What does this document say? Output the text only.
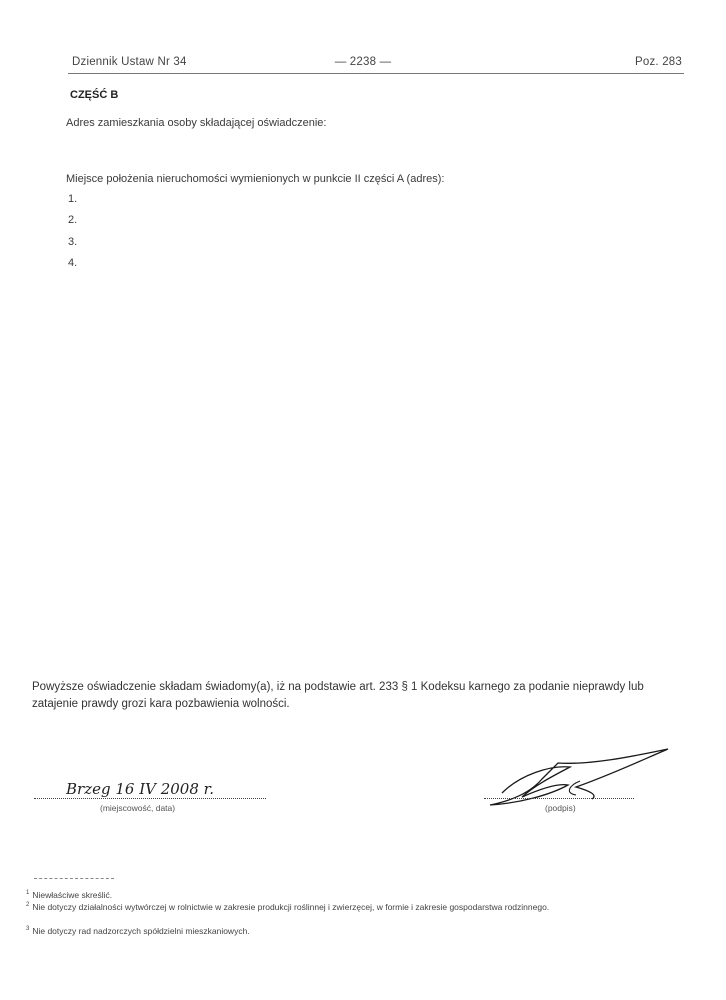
Dziennik Ustaw Nr 34	— 2238 —	Poz. 283
CZĘŚĆ B
Adres zamieszkania osoby składającej oświadczenie:
Miejsce położenia nieruchomości wymienionych w punkcie II części A (adres):
1.
2.
3.
4.
Powyższe oświadczenie składam świadomy(a), iż na podstawie art. 233 § 1 Kodeksu karnego za podanie nieprawdy lub zatajenie prawdy grozi kara pozbawienia wolności.
Brzeg 16 IV 2008 r.
(miejscowość, data)	(podpis)
$^1$ Niewłaściwe skreślić.
$^2$ Nie dotyczy działalności wytwórczej w rolnictwie w zakresie produkcji roślinnej i zwierzęcej, w formie i zakresie gospodarstwa rodzinnego.
$^3$ Nie dotyczy rad nadzorczych spółdzielni mieszkaniowych.
